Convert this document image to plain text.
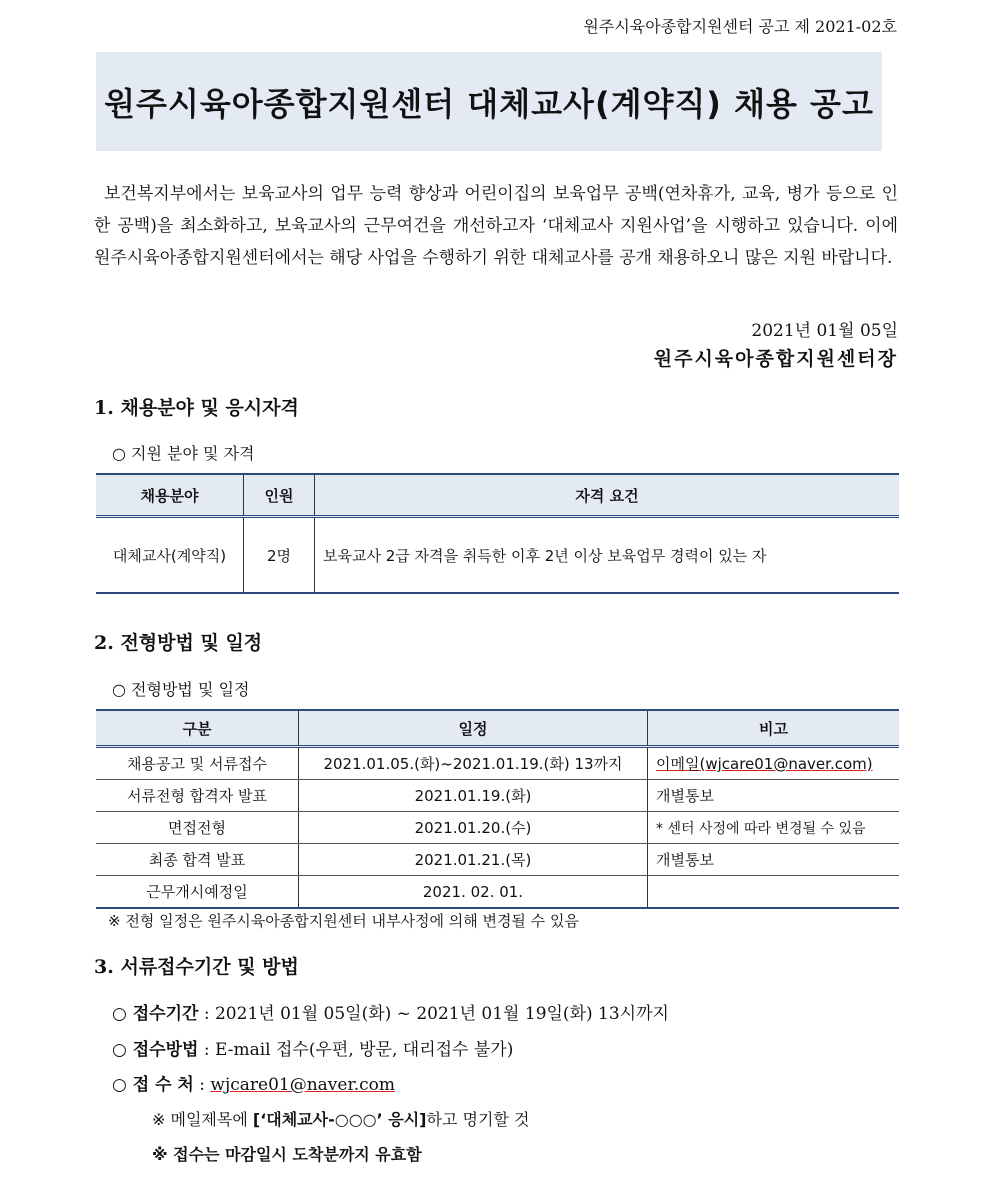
원주시육아종합지원센터 공고 제 2021-02호
원주시육아종합지원센터 대체교사(계약직) 채용 공고
보건복지부에서는 보육교사의 업무 능력 향상과 어린이집의 보육업무 공백(연차휴가, 교육, 병가 등으로 인한 공백)을 최소화하고, 보육교사의 근무여건을 개선하고자 ‘대체교사 지원사업’을 시행하고 있습니다. 이에 원주시육아종합지원센터에서는 해당 사업을 수행하기 위한 대체교사를 공개 채용하오니 많은 지원 바랍니다.
2021년 01월 05일
원주시육아종합지원센터장
1. 채용분야 및 응시자격
○ 지원 분야 및 자격
채용분야	인원	자격 요건
대체교사(계약직)	2명	보육교사 2급 자격을 취득한 이후 2년 이상 보육업무 경력이 있는 자
2. 전형방법 및 일정
○ 전형방법 및 일정
구분	일정	비고
채용공고 및 서류접수	2021.01.05.(화)~2021.01.19.(화) 13까지	이메일(wjcare01@naver.com)
서류전형 합격자 발표	2021.01.19.(화)	개별통보
면접전형	2021.01.20.(수)	* 센터 사정에 따라 변경될 수 있음
최종 합격 발표	2021.01.21.(목)	개별통보
근무개시예정일	2021. 02. 01.	
※ 전형 일정은 원주시육아종합지원센터 내부사정에 의해 변경될 수 있음
3. 서류접수기간 및 방법
○ 접수기간 : 2021년 01월 05일(화) ~ 2021년 01월 19일(화) 13시까지
○ 접수방법 : E-mail 접수(우편, 방문, 대리접수 불가)
○ 접 수 처 : wjcare01@naver.com
※ 메일제목에 [‘대체교사-○○○’ 응시]하고 명기할 것
※ 접수는 마감일시 도착분까지 유효함
